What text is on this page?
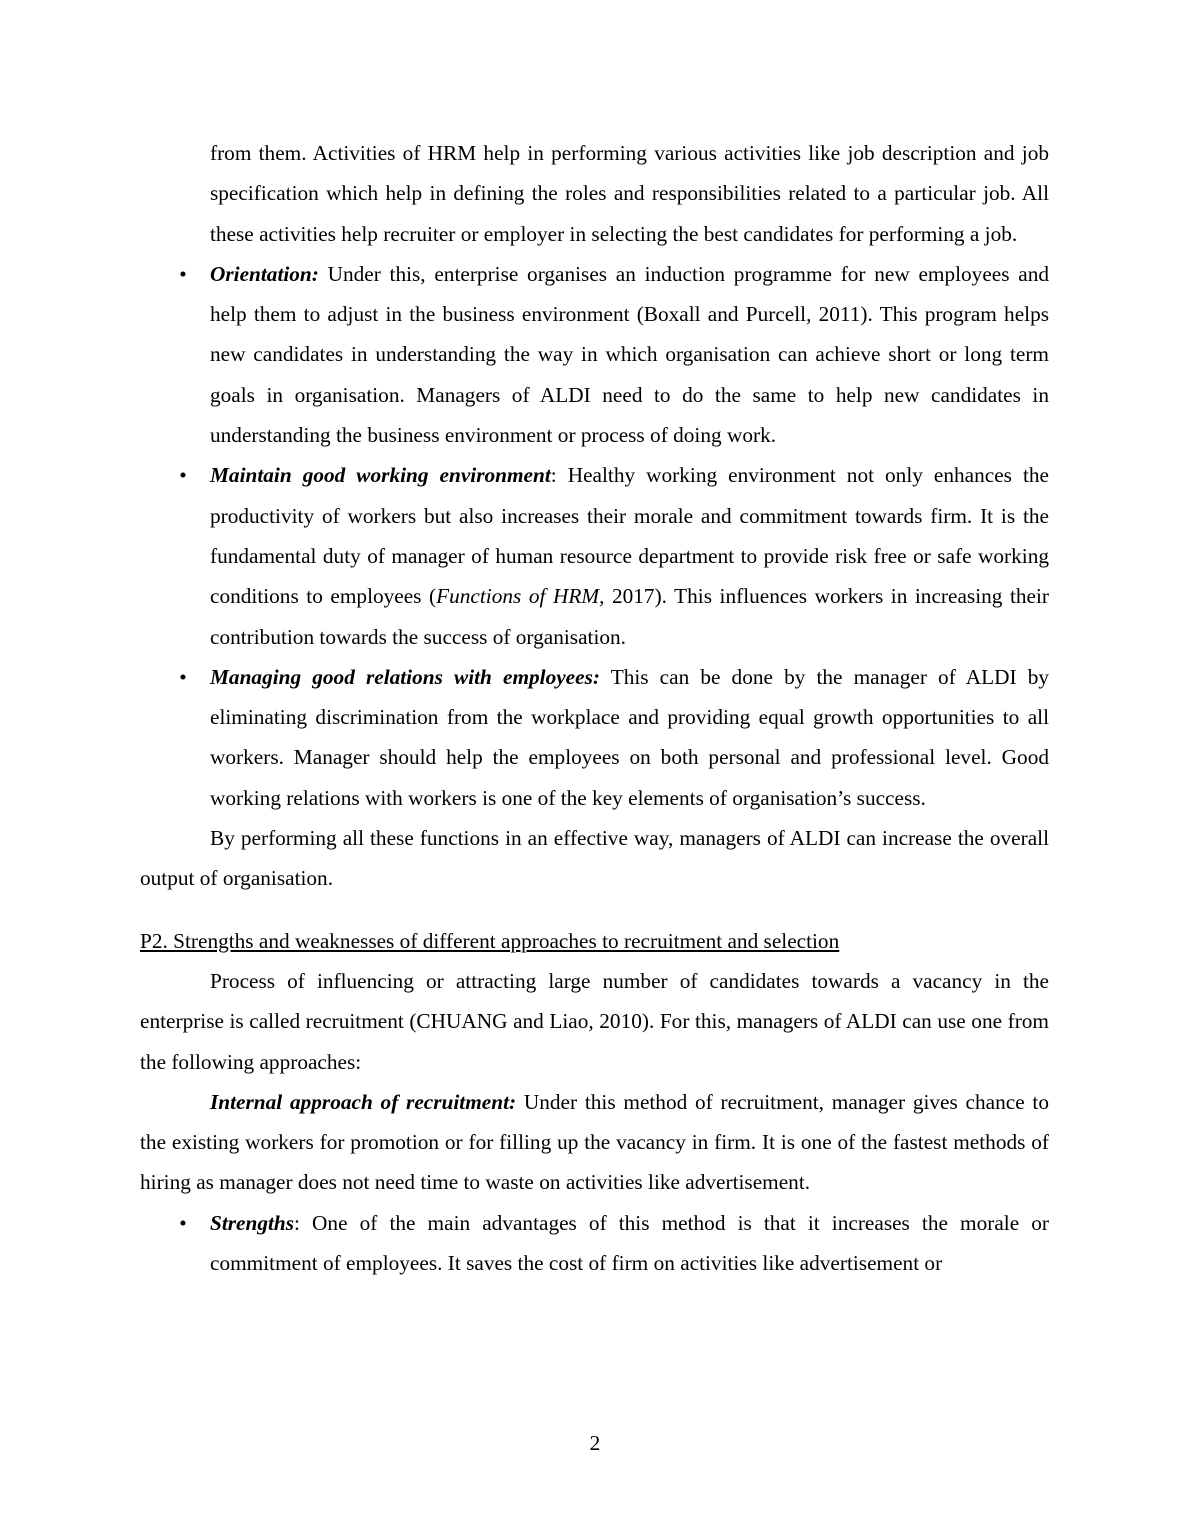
from them. Activities of HRM help in performing various activities like job description and job specification which help in defining the roles and responsibilities related to a particular job. All these activities help recruiter or employer in selecting the best candidates for performing a job.

• Orientation: Under this, enterprise organises an induction programme for new employees and help them to adjust in the business environment (Boxall and Purcell, 2011). This program helps new candidates in understanding the way in which organisation can achieve short or long term goals in organisation. Managers of ALDI need to do the same to help new candidates in understanding the business environment or process of doing work.
• Maintain good working environment: Healthy working environment not only enhances the productivity of workers but also increases their morale and commitment towards firm. It is the fundamental duty of manager of human resource department to provide risk free or safe working conditions to employees (Functions of HRM, 2017). This influences workers in increasing their contribution towards the success of organisation.
• Managing good relations with employees: This can be done by the manager of ALDI by eliminating discrimination from the workplace and providing equal growth opportunities to all workers. Manager should help the employees on both personal and professional level. Good working relations with workers is one of the key elements of organisation’s success.

By performing all these functions in an effective way, managers of ALDI can increase the overall output of organisation.

P2. Strengths and weaknesses of different approaches to recruitment and selection

Process of influencing or attracting large number of candidates towards a vacancy in the enterprise is called recruitment (CHUANG and Liao, 2010). For this, managers of ALDI can use one from the following approaches:

Internal approach of recruitment: Under this method of recruitment, manager gives chance to the existing workers for promotion or for filling up the vacancy in firm. It is one of the fastest methods of hiring as manager does not need time to waste on activities like advertisement.

• Strengths: One of the main advantages of this method is that it increases the morale or commitment of employees. It saves the cost of firm on activities like advertisement or
2
